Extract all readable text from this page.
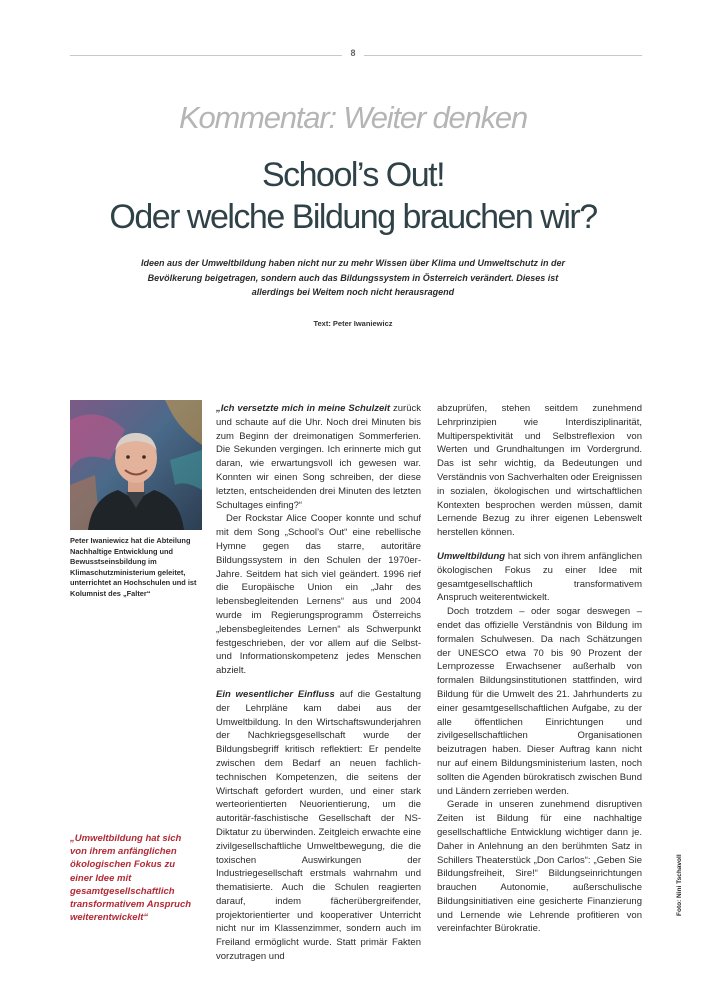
8
Kommentar: Weiter denken
School’s Out!
Oder welche Bildung brauchen wir?
Ideen aus der Umweltbildung haben nicht nur zu mehr Wissen über Klima und Umweltschutz in der Bevölkerung beigetragen, sondern auch das Bildungssystem in Österreich verändert. Dieses ist allerdings bei Weitem noch nicht herausragend
Text: Peter Iwaniewicz
Peter Iwaniewicz hat die Abteilung Nachhaltige Entwicklung und Bewusstseinsbildung im Klimaschutzministerium geleitet, unterrichtet an Hochschulen und ist Kolumnist des „Falter“
„Umweltbildung hat sich von ihrem anfänglichen ökologischen Fokus zu einer Idee mit gesamtgesellschaftlich transformativem Anspruch weiterentwickelt“

„Ich versetzte mich in meine Schulzeit zurück und schaute auf die Uhr. Noch drei Minuten bis zum Beginn der dreimonatigen Sommerferien. Die Sekunden vergingen. Ich erinnerte mich gut daran, wie erwartungsvoll ich gewesen war. Konnten wir einen Song schreiben, der diese letzten, entscheidenden drei Minuten des letzten Schultages einfing?“

Der Rockstar Alice Cooper konnte und schuf mit dem Song „School’s Out“ eine rebellische Hymne gegen das starre, autoritäre Bildungssystem in den Schulen der 1970er-Jahre. Seitdem hat sich viel geändert. 1996 rief die Europäische Union ein „Jahr des lebensbegleitenden Lernens“ aus und 2004 wurde im Regierungsprogramm Österreichs „lebensbegleitendes Lernen“ als Schwerpunkt festgeschrieben, der vor allem auf die Selbst- und Informationskompetenz jedes Menschen abzielt.

Ein wesentlicher Einfluss auf die Gestaltung der Lehrpläne kam dabei aus der Umweltbildung. In den Wirtschaftswunderjahren der Nachkriegsgesellschaft wurde der Bildungsbegriff kritisch reflektiert: Er pendelte zwischen dem Bedarf an neuen fachlich-technischen Kompetenzen, die seitens der Wirtschaft gefordert wurden, und einer stark werteorientierten Neuorientierung, um die autoritär-faschistische Gesellschaft der NS-Diktatur zu überwinden. Zeitgleich erwachte eine zivilgesellschaftliche Umweltbewegung, die die toxischen Auswirkungen der Industriegesellschaft erstmals wahrnahm und thematisierte. Auch die Schulen reagierten darauf, indem fächerübergreifender, projektorientierter und kooperativer Unterricht nicht nur im Klassenzimmer, sondern auch im Freiland ermöglicht wurde. Statt primär Fakten vorzutragen und

abzuprüfen, stehen seitdem zunehmend Lehrprinzipien wie Interdisziplinarität, Multiperspektivität und Selbstreflexion von Werten und Grundhaltungen im Vordergrund. Das ist sehr wichtig, da Bedeutungen und Verständnis von Sachverhalten oder Ereignissen in sozialen, ökologischen und wirtschaftlichen Kontexten besprochen werden müssen, damit Lernende Bezug zu ihrer eigenen Lebenswelt herstellen können.

Umweltbildung hat sich von ihrem anfänglichen ökologischen Fokus zu einer Idee mit gesamtgesellschaftlich transformativem Anspruch weiterentwickelt.

Doch trotzdem – oder sogar deswegen – endet das offizielle Verständnis von Bildung im formalen Schulwesen. Da nach Schätzungen der UNESCO etwa 70 bis 90 Prozent der Lernprozesse Erwachsener außerhalb von formalen Bildungsinstitutionen stattfinden, wird Bildung für die Umwelt des 21. Jahrhunderts zu einer gesamtgesellschaftlichen Aufgabe, zu der alle öffentlichen Einrichtungen und zivilgesellschaftlichen Organisationen beizutragen haben. Dieser Auftrag kann nicht nur auf einem Bildungsministerium lasten, noch sollten die Agenden bürokratisch zwischen Bund und Ländern zerrieben werden.

Gerade in unseren zunehmend disruptiven Zeiten ist Bildung für eine nachhaltige gesellschaftliche Entwicklung wichtiger dann je. Daher in Anlehnung an den berühmten Satz in Schillers Theaterstück „Don Carlos“: „Geben Sie Bildungsfreiheit, Sire!“ Bildungseinrichtungen brauchen Autonomie, außerschulische Bildungsinitiativen eine gesicherte Finanzierung und Lernende wie Lehrende profitieren von vereinfachter Bürokratie.

Foto: Nini Tschavoll
